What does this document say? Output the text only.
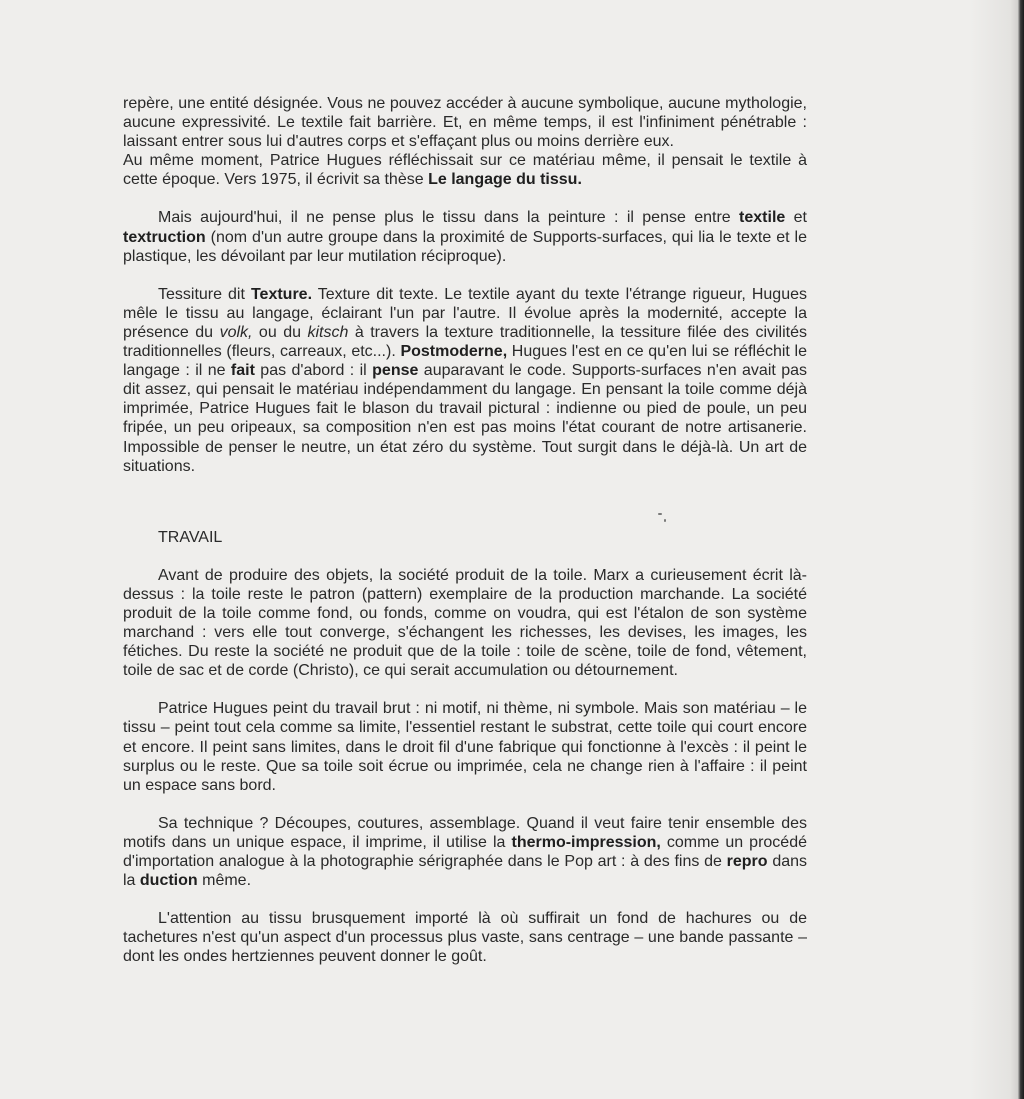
repère, une entité désignée. Vous ne pouvez accéder à aucune symbolique, aucune mythologie, aucune expressivité. Le textile fait barrière. Et, en même temps, il est l'infiniment pénétrable : laissant entrer sous lui d'autres corps et s'effaçant plus ou moins derrière eux.

Au même moment, Patrice Hugues réfléchissait sur ce matériau même, il pensait le textile à cette époque. Vers 1975, il écrivit sa thèse Le langage du tissu.

Mais aujourd'hui, il ne pense plus le tissu dans la peinture : il pense entre textile et textruction (nom d'un autre groupe dans la proximité de Supports-surfaces, qui lia le texte et le plastique, les dévoilant par leur mutilation réciproque).

Tessiture dit Texture. Texture dit texte. Le textile ayant du texte l'étrange rigueur, Hugues mêle le tissu au langage, éclairant l'un par l'autre. Il évolue après la modernité, accepte la présence du volk, ou du kitsch à travers la texture traditionnelle, la tessiture filée des civilités traditionnelles (fleurs, carreaux, etc...). Postmoderne, Hugues l'est en ce qu'en lui se réfléchit le langage : il ne fait pas d'abord : il pense auparavant le code. Supports-surfaces n'en avait pas dit assez, qui pensait le matériau indépendamment du langage. En pensant la toile comme déjà imprimée, Patrice Hugues fait le blason du travail pictural : indienne ou pied de poule, un peu fripée, un peu oripeaux, sa composition n'en est pas moins l'état courant de notre artisanerie. Impossible de penser le neutre, un état zéro du système. Tout surgit dans le déjà-là. Un art de situations.

TRAVAIL

Avant de produire des objets, la société produit de la toile. Marx a curieusement écrit là-dessus : la toile reste le patron (pattern) exemplaire de la production marchande. La société produit de la toile comme fond, ou fonds, comme on voudra, qui est l'étalon de son système marchand : vers elle tout converge, s'échangent les richesses, les devises, les images, les fétiches. Du reste la société ne produit que de la toile : toile de scène, toile de fond, vêtement, toile de sac et de corde (Christo), ce qui serait accumulation ou détournement.

Patrice Hugues peint du travail brut : ni motif, ni thème, ni symbole. Mais son matériau – le tissu – peint tout cela comme sa limite, l'essentiel restant le substrat, cette toile qui court encore et encore. Il peint sans limites, dans le droit fil d'une fabrique qui fonctionne à l'excès : il peint le surplus ou le reste. Que sa toile soit écrue ou imprimée, cela ne change rien à l'affaire : il peint un espace sans bord.

Sa technique ? Découpes, coutures, assemblage. Quand il veut faire tenir ensemble des motifs dans un unique espace, il imprime, il utilise la thermo-impression, comme un procédé d'importation analogue à la photographie sérigraphée dans le Pop art : à des fins de repro dans la duction même.

L'attention au tissu brusquement importé là où suffirait un fond de hachures ou de tachetures n'est qu'un aspect d'un processus plus vaste, sans centrage – une bande passante – dont les ondes hertziennes peuvent donner le goût.
